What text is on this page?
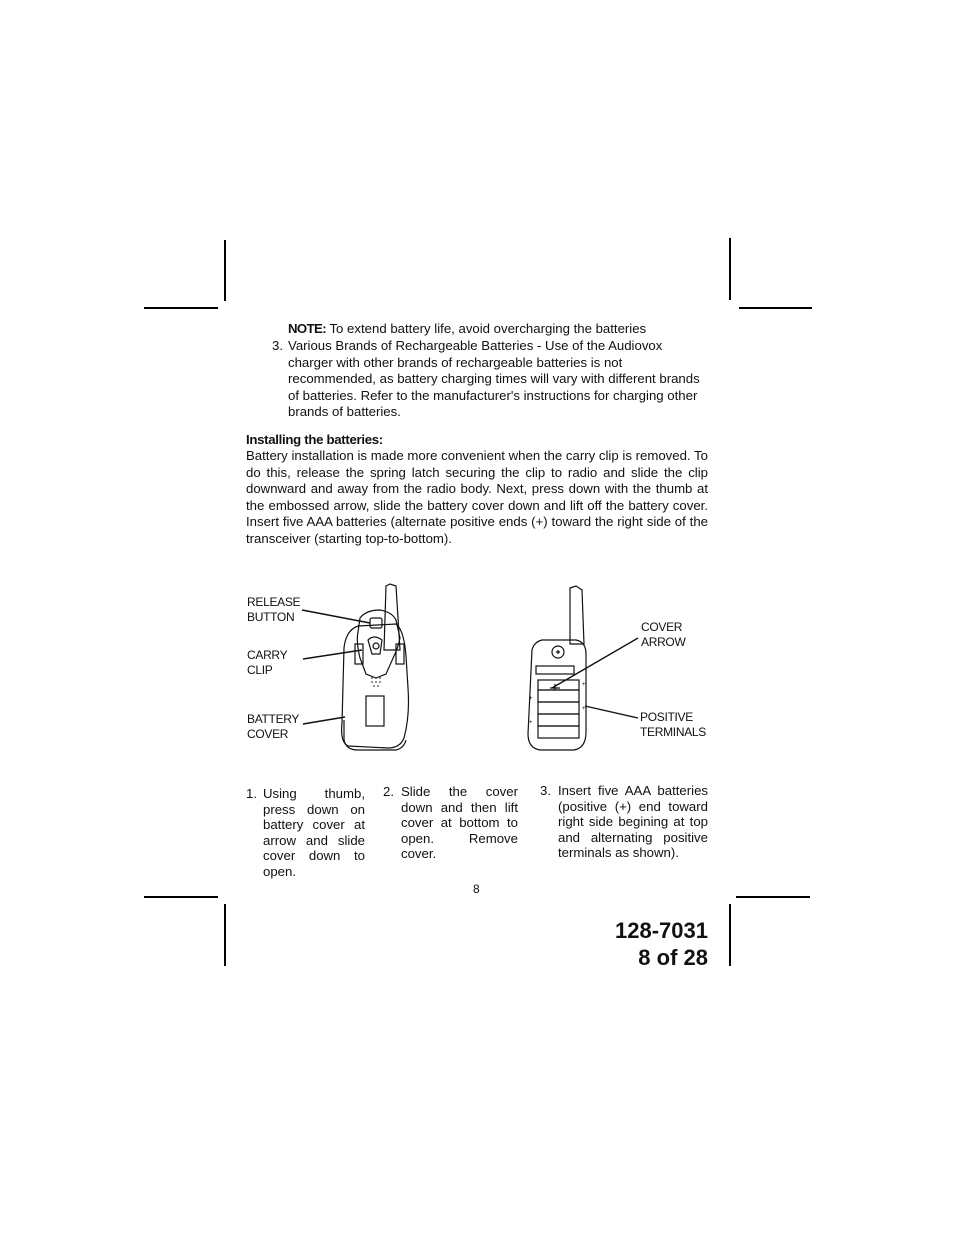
NOTE: To extend battery life, avoid overcharging the batteries
3. Various Brands of Rechargeable Batteries - Use of the Audiovox charger with other brands of rechargeable batteries is not recommended, as battery charging times will vary with different brands of batteries. Refer to the manufacturer's instructions for charging other brands of batteries.
Installing the batteries:
Battery installation is made more convenient when the carry clip is removed. To do this, release the spring latch securing the clip to radio and slide the clip downward and away from the radio body. Next, press down with the thumb at the embossed arrow, slide the battery cover down and lift off the battery cover. Insert five AAA batteries (alternate positive ends (+) toward the right side of the transceiver (starting top-to-bottom).
+
+
+
+
RELEASE
BUTTON
CARRY
CLIP
BATTERY
COVER
COVER
ARROW
POSITIVE
TERMINALS
1. Using thumb, press down on battery cover at arrow and slide cover down to open.
2. Slide the cover down and then lift cover at bottom to open. Remove cover.
3. Insert five AAA batteries (positive (+) end toward right side begining at top and alternating positive terminals as shown).
8
128-7031
8 of 28
